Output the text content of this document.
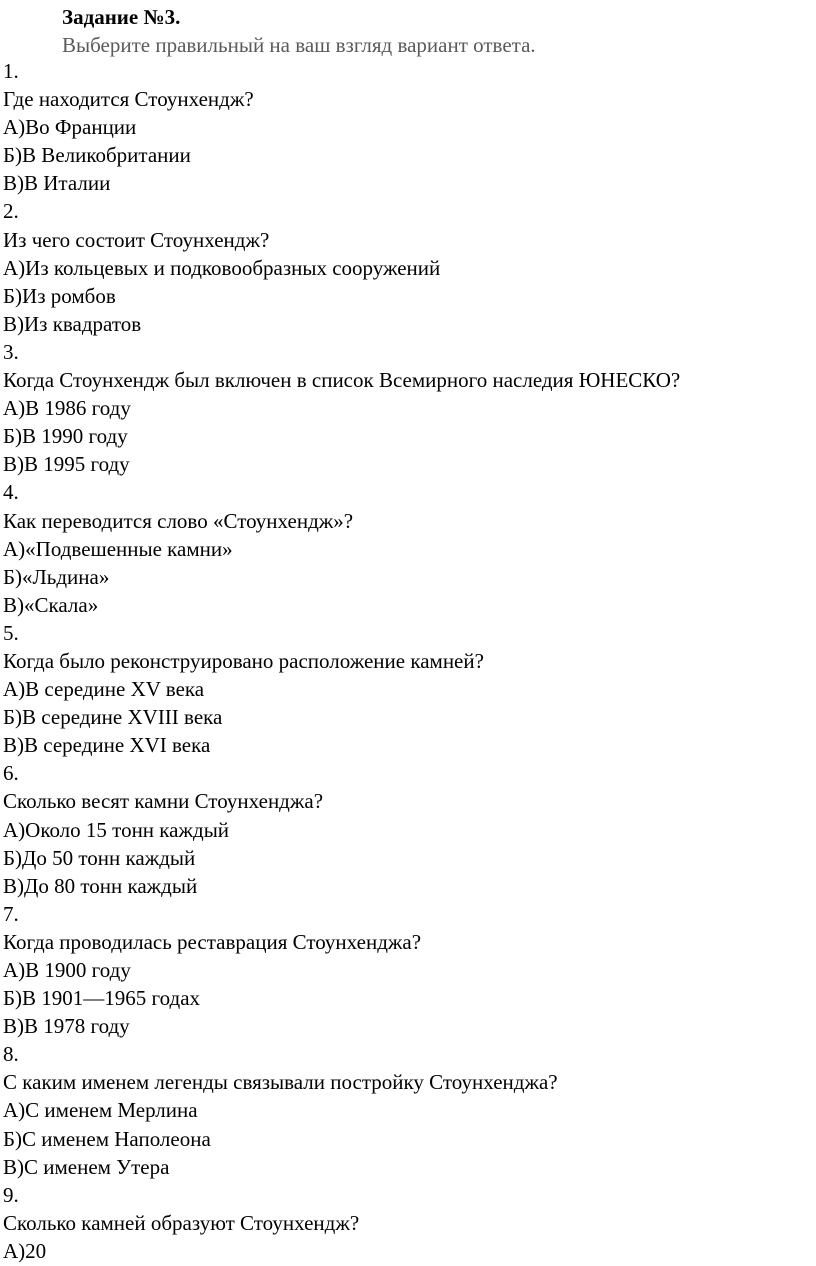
Задание №3.
Выберите правильный на ваш взгляд вариант ответа.
1.
Где находится Стоунхендж?
А)Во Франции
Б)В Великобритании
В)В Италии
2.
Из чего состоит Стоунхендж?
А)Из кольцевых и подковообразных сооружений
Б)Из ромбов
В)Из квадратов
3.
Когда Стоунхендж был включен в список Всемирного наследия ЮНЕСКО?
А)В 1986 году
Б)В 1990 году
В)В 1995 году
4.
Как переводится слово «Стоунхендж»?
А)«Подвешенные камни»
Б)«Льдина»
В)«Скала»
5.
Когда было реконструировано расположение камней?
А)В середине XV века
Б)В середине XVIII века
В)В середине XVI века
6.
Сколько весят камни Стоунхенджа?
А)Около 15 тонн каждый
Б)До 50 тонн каждый
В)До 80 тонн каждый
7.
Когда проводилась реставрация Стоунхенджа?
А)В 1900 году
Б)В 1901—1965 годах
В)В 1978 году
8.
С каким именем легенды связывали постройку Стоунхенджа?
А)С именем Мерлина
Б)С именем Наполеона
В)С именем Утера
9.
Сколько камней образуют Стоунхендж?
А)20
